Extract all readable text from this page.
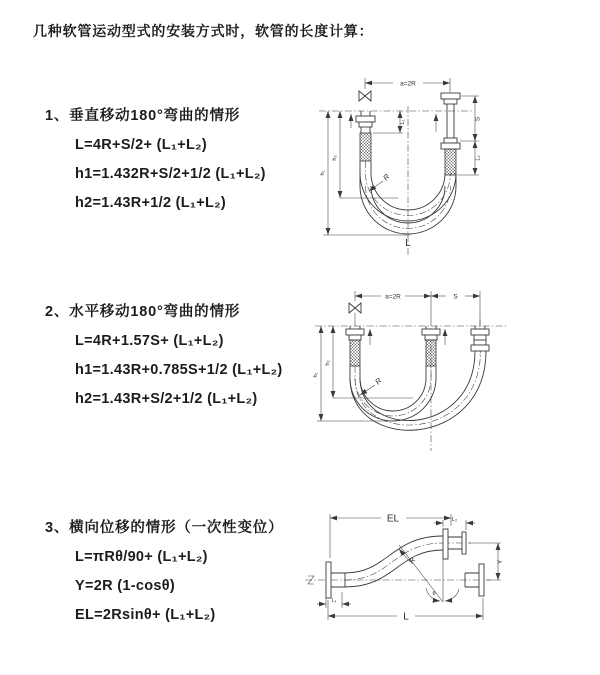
几种软管运动型式的安装方式时，软管的长度计算：
1、垂直移动180°弯曲的情形
L=4R+S/2+ (L₁+L₂)
h1=1.432R+S/2+1/2 (L₁+L₂)
h2=1.43R+1/2 (L₁+L₂)
2、水平移动180°弯曲的情形
L=4R+1.57S+ (L₁+L₂)
h1=1.43R+0.785S+1/2 (L₁+L₂)
h2=1.43R+S/2+1/2 (L₁+L₂)
3、横向位移的情形（一次性变位）
L=πRθ/90+ (L₁+L₂)
Y=2R (1-cosθ)
EL=2Rsinθ+ (L₁+L₂)
a=2R
h₁
h₂
L₁
S
L₂
R
L
a=2R	S
h₁
h₂
R
EL	L₂
Y
θ
R
L₁
L
